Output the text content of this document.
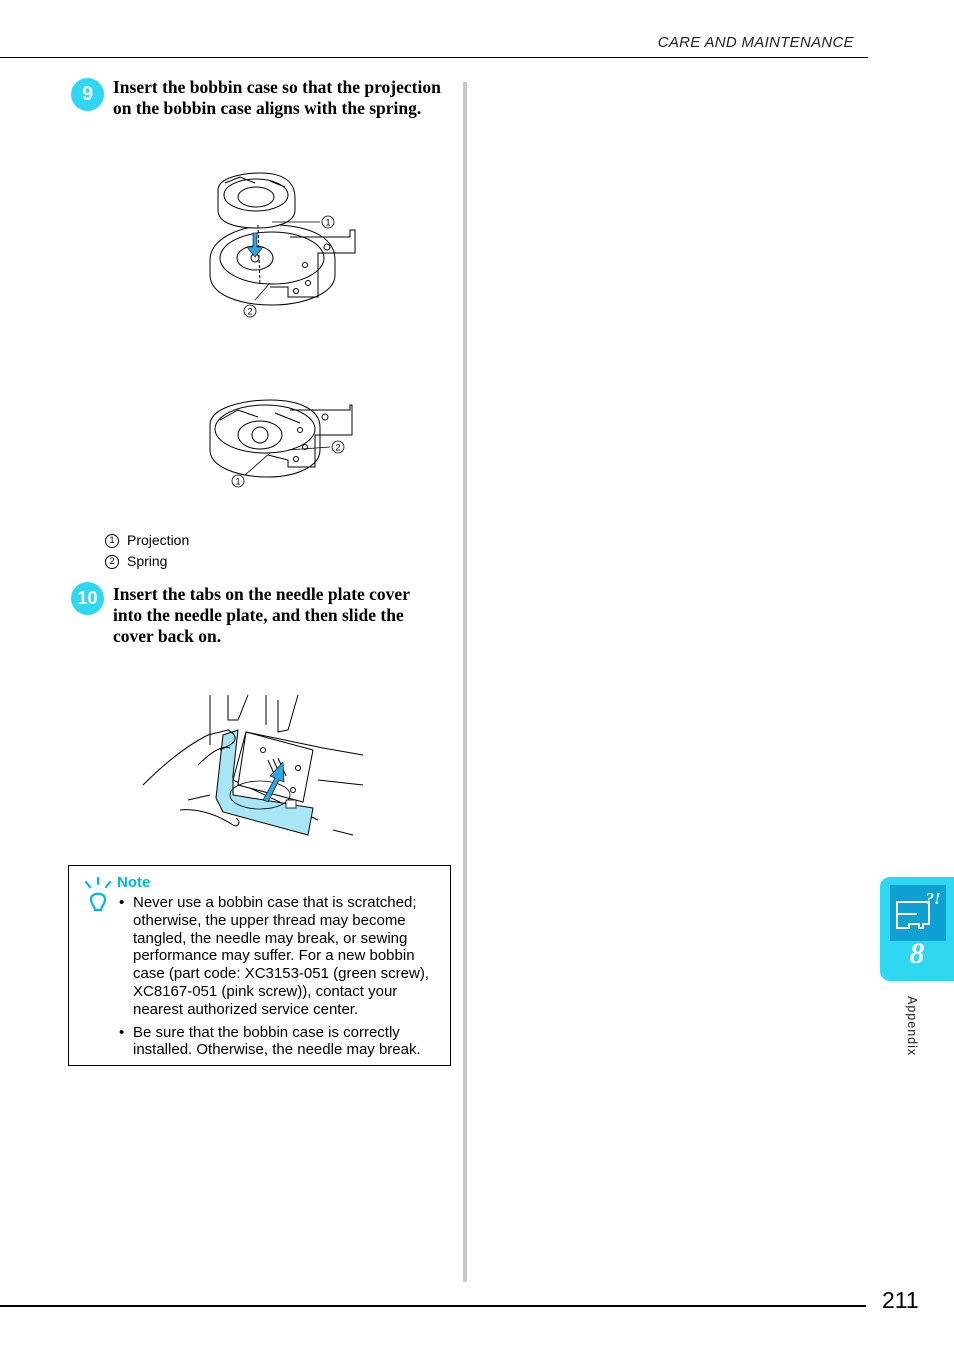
CARE AND MAINTENANCE
9	Insert the bobbin case so that the projection on the bobbin case aligns with the spring.
1
2
2
1
1 Projection
2 Spring
10 Insert the tabs on the needle plate cover into the needle plate, and then slide the cover back on.
Note
• Never use a bobbin case that is scratched; otherwise, the upper thread may become tangled, the needle may break, or sewing performance may suffer. For a new bobbin case (part code: XC3153-051 (green screw), XC8167-051 (pink screw)), contact your nearest authorized service center.
• Be sure that the bobbin case is correctly installed. Otherwise, the needle may break.
?!
8
Appendix
211
